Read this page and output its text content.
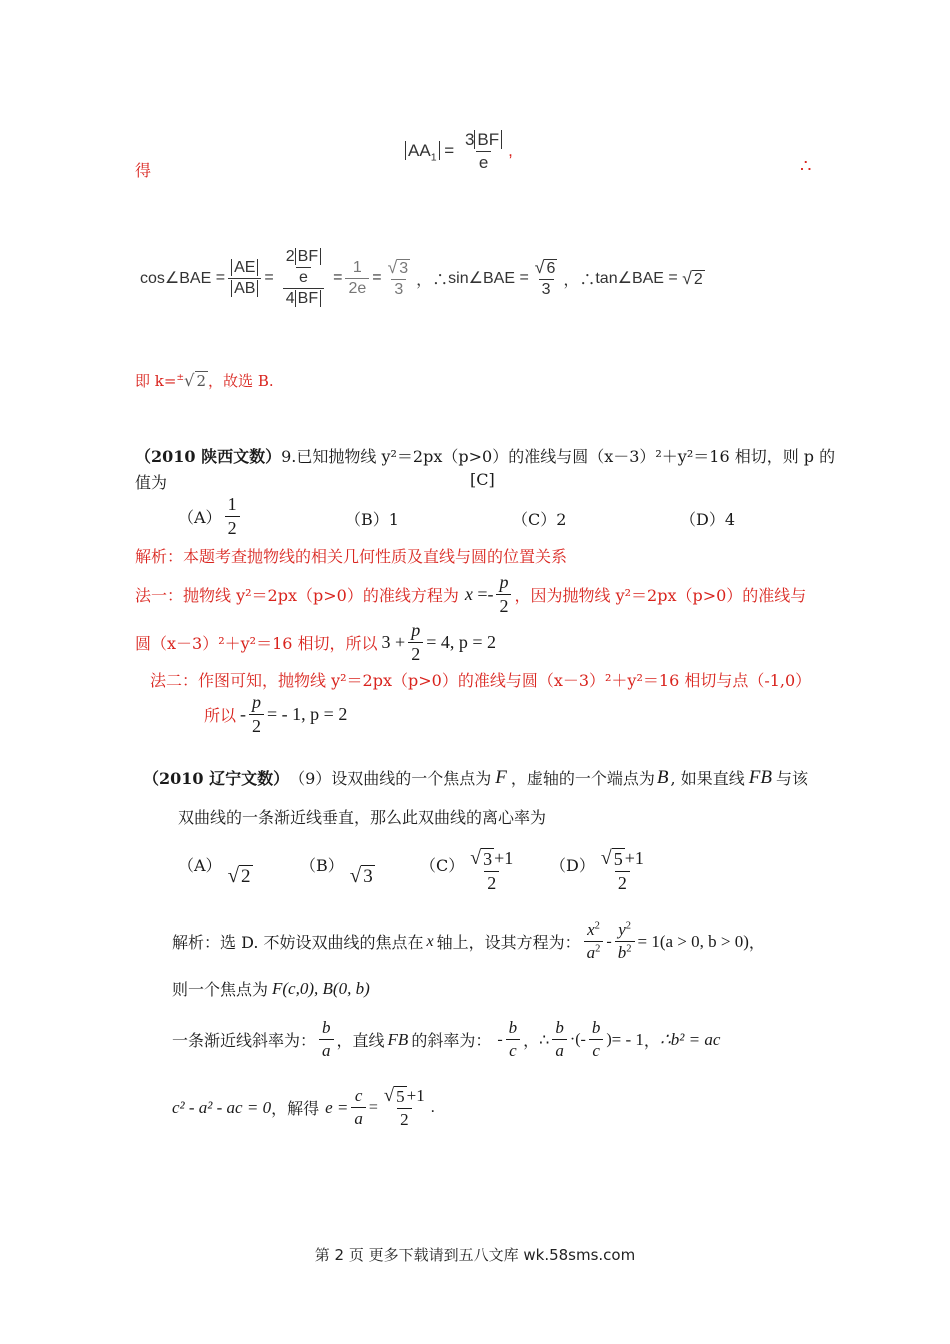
得
$AA_1 = \frac{3 BF}{e}$ ,
∴
cos∠BAE
= $\frac{AE}{AB} = \frac{\frac{2 BF}{e}}{4 BF} = \frac{1}{2e} = \frac{√ 3}{3}$ ，∴ sin∠BAE
= $\frac{√ 6}{3}$ ，∴ tan∠BAE
=
√ 2
即 k=± √ 2 ，故选 B.
（2010 陕西文数）9.已知抛物线 y²＝2px（p>0）的准线与圆（x－3）²＋y²＝16 相切，则 p 的
值为	[C]
$(A) \frac{1}{2}$	（B）1	（C）2	（D）4
解析：本题考查抛物线的相关几何性质及直线与圆的位置关系
法一：抛物线 y²＝2px（p>0）的准线方程为 $x =- \frac{p}{2}$ ，因为抛物线 y²＝2px（p>0）的准线与
圆（x－3）²＋y²＝16 相切，所以 $3 + \frac{p}{2} = 4$, p = 2
法二：作图可知，抛物线 y²＝2px（p>0）的准线与圆（x－3）²＋y²＝16 相切与点（-1,0）
所以 - $\frac{p}{2}$ = - 1, p = 2
（2010 辽宁文数） （9）设双曲线的一个焦点为 F ，虚轴的一个端点为 B , 如果直线 FB 与该
双曲线的一条渐近线垂直，那么此双曲线的离心率为
（A） √ 2
（B） √ 3
$(C) \frac{√ 3 +1}{2} (D) \frac{√ 5 +1}{2}$
解析：选 D. 不妨设双曲线的焦点在 x 轴上，设其方程为： $\frac{x^2}{a^2} - \frac{y^2}{b^2} = 1(a > 0$, b > 0) ，
则一个焦点为 F(c,0), B(0, b)
一条渐近线斜率为： $\frac{b}{a}$ ，直线 FB 的斜率为： - $\frac{b}{c}$ ， ∴ $\frac{b}{a}$ ·(- $\frac{b}{c}$ ) = - 1 ， ∴b² = ac
c² - a² - ac = 0 ，解得 $e = \frac{c}{a} = \frac{√ 5 +1}{2}$ .
第 2 页 更多下载请到五八文库 wk.58sms.com
